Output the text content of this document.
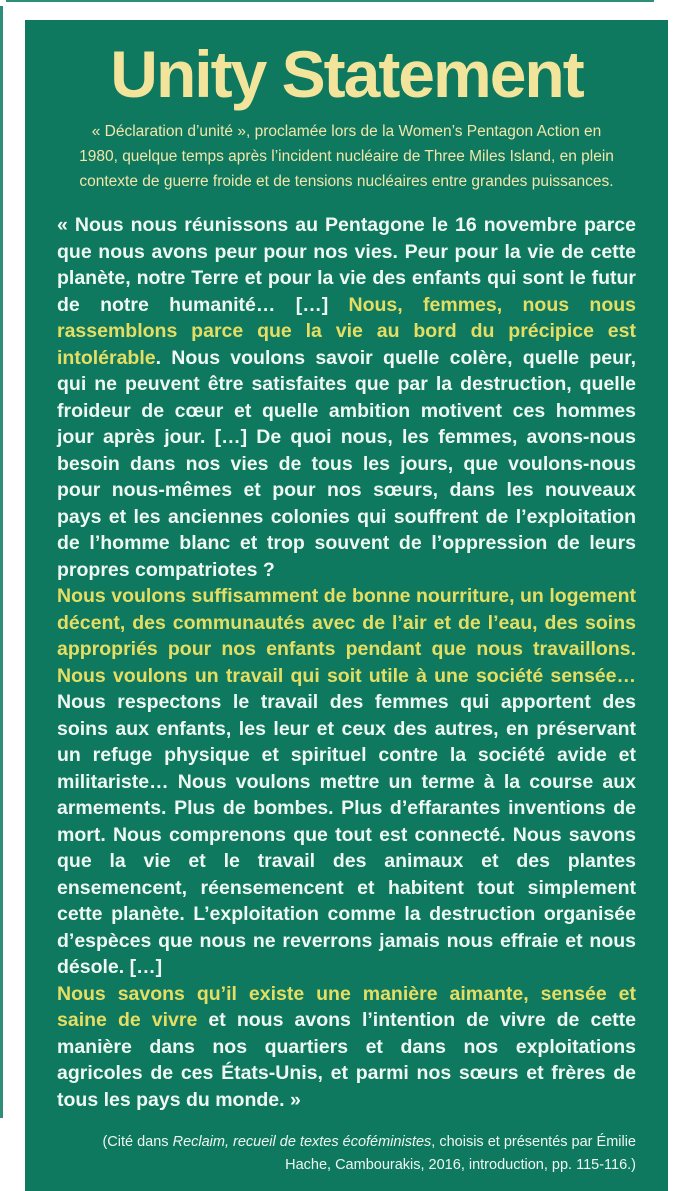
Unity Statement

« Déclaration d’unité », proclamée lors de la Women’s Pentagon Action en 1980, quelque temps après l’incident nucléaire de Three Miles Island, en plein contexte de guerre froide et de tensions nucléaires entre grandes puissances.

« Nous nous réunissons au Pentagone le 16 novembre parce que nous avons peur pour nos vies. Peur pour la vie de cette planète, notre Terre et pour la vie des enfants qui sont le futur de notre humanité… […] Nous, femmes, nous nous rassemblons parce que la vie au bord du précipice est intolérable. Nous voulons savoir quelle colère, quelle peur, qui ne peuvent être satisfaites que par la destruction, quelle froideur de cœur et quelle ambition motivent ces hommes jour après jour. […] De quoi nous, les femmes, avons-nous besoin dans nos vies de tous les jours, que voulons-nous pour nous-mêmes et pour nos sœurs, dans les nouveaux pays et les anciennes colonies qui souffrent de l’exploitation de l’homme blanc et trop souvent de l’oppression de leurs propres compatriotes ?

Nous voulons suffisamment de bonne nourriture, un logement décent, des communautés avec de l’air et de l’eau, des soins appropriés pour nos enfants pendant que nous travaillons. Nous voulons un travail qui soit utile à une société sensée… Nous respectons le travail des femmes qui apportent des soins aux enfants, les leur et ceux des autres, en préservant un refuge physique et spirituel contre la société avide et militariste… Nous voulons mettre un terme à la course aux armements. Plus de bombes. Plus d’effarantes inventions de mort. Nous comprenons que tout est connecté. Nous savons que la vie et le travail des animaux et des plantes ensemencent, réensemencent et habitent tout simplement cette planète. L’exploitation comme la destruction organisée d’espèces que nous ne reverrons jamais nous effraie et nous désole. […]

Nous savons qu’il existe une manière aimante, sensée et saine de vivre et nous avons l’intention de vivre de cette manière dans nos quartiers et dans nos exploitations agricoles de ces États-Unis, et parmi nos sœurs et frères de tous les pays du monde. »

(Cité dans Reclaim, recueil de textes écoféministes, choisis et présentés par Émilie Hache, Cambourakis, 2016, introduction, pp. 115-116.)
